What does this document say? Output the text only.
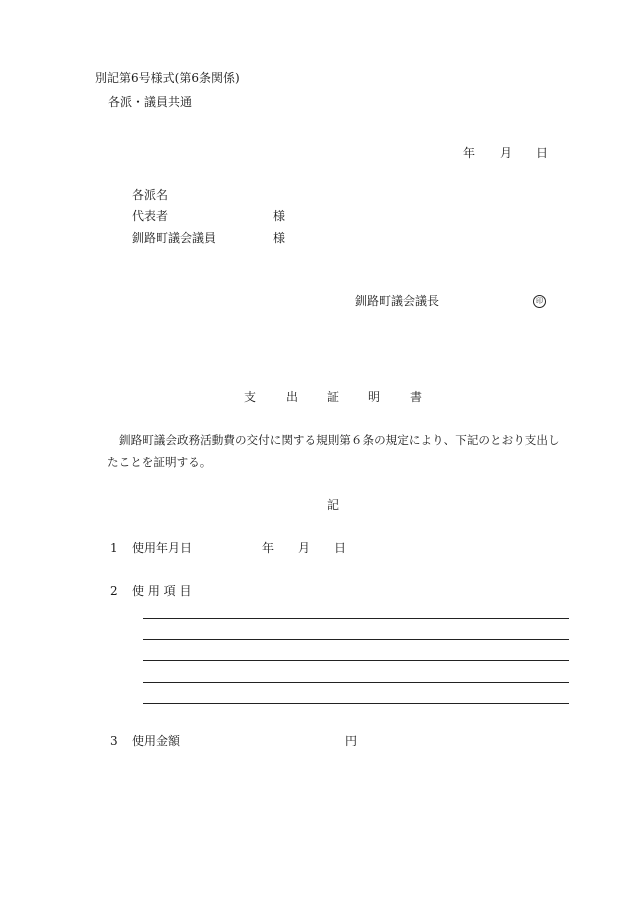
別記第6号様式(第6条関係)
各派・議員共通
年 月 日
各派名
代表者	様
釧路町議会議員	様
釧路町議会議長	印
支 出 証 明 書
釧路町議会政務活動費の交付に関する規則第６条の規定により、下記のとおり支出し
たことを証明する。
記
1 使用年月日	年 月 日
2 使 用 項 目
3 使用金額	円
